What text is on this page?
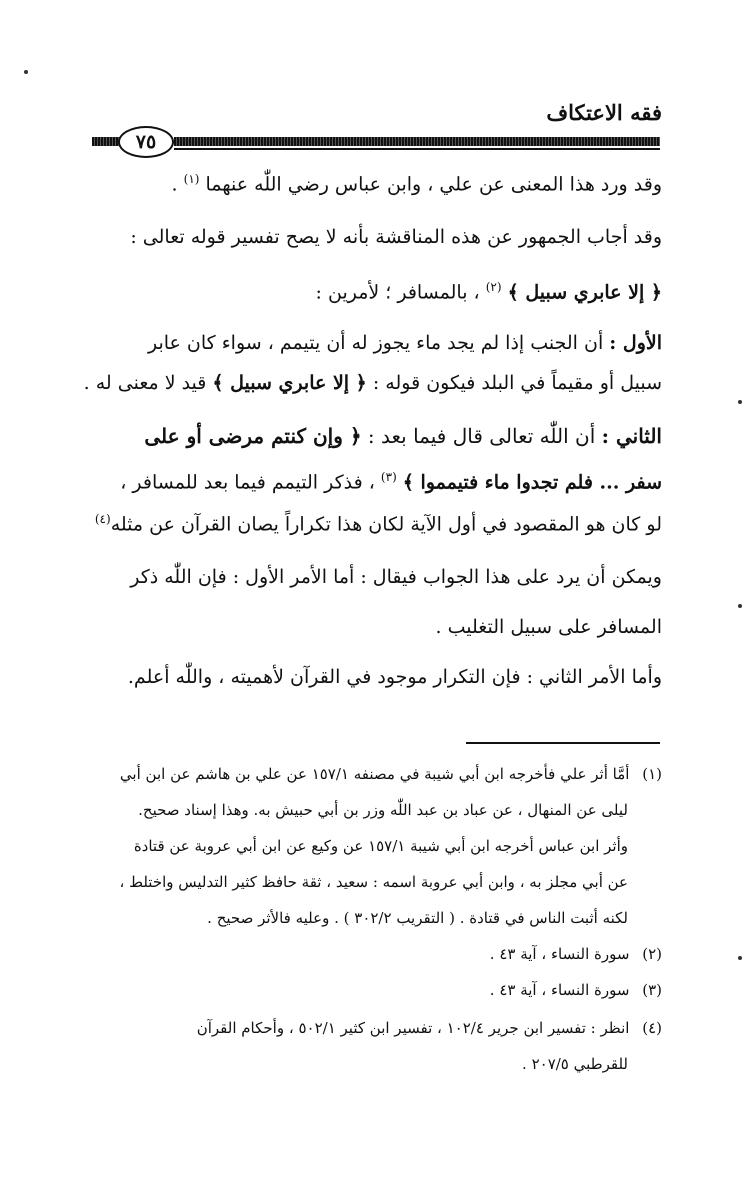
فقه الاعتكاف
٧٥
وقد ورد هذا المعنى عن علي ، وابن عباس رضي اللّٰه عنهما $^{(١)}$ .
وقد أجاب الجمهور عن هذه المناقشة بأنه لا يصح تفسير قوله تعالى :
﴿ إلا عابري سبيل ﴾ $^{(٢)}$ ، بالمسافر ؛ لأمرين :
الأول : أن الجنب إذا لم يجد ماء يجوز له أن يتيمم ، سواء كان عابر
سبيل أو مقيماً في البلد فيكون قوله : ﴿ إلا عابري سبيل ﴾ قيد لا معنى له .
الثاني : أن اللّٰه تعالى قال فيما بعد : ﴿ وإن كنتم مرضى أو على
سفر ... فلم تجدوا ماء فتيمموا ﴾ $^{(٣)}$ ، فذكر التيمم فيما بعد للمسافر ،
لو كان هو المقصود في أول الآية لكان هذا تكراراً يصان القرآن عن مثله$^{(٤)}$
ويمكن أن يرد على هذا الجواب فيقال : أما الأمر الأول : فإن اللّٰه ذكر
المسافر على سبيل التغليب .
وأما الأمر الثاني : فإن التكرار موجود في القرآن لأهميته ، واللّٰه أعلم.
(١) أمَّا أثر علي فأخرجه ابن أبي شيبة في مصنفه ١٥٧/١ عن علي بن هاشم عن ابن أبي
ليلى عن المنهال ، عن عباد بن عبد اللّٰه وزر بن أبي حبيش به. وهذا إسناد صحيح.
وأثر ابن عباس أخرجه ابن أبي شيبة ١٥٧/١ عن وكيع عن ابن أبي عروبة عن قتادة
عن أبي مجلز به ، وابن أبي عروبة اسمه : سعيد ، ثقة حافظ كثير التدليس واختلط ،
لكنه أثبت الناس في قتادة . ( التقريب ٣٠٢/٢ ) . وعليه فالأثر صحيح .
(٢) سورة النساء ، آية ٤٣ .
(٣) سورة النساء ، آية ٤٣ .
(٤) انظر : تفسير ابن جرير ١٠٢/٤ ، تفسير ابن كثير ٥٠٢/١ ، وأحكام القرآن
للقرطبي ٢٠٧/٥ .
